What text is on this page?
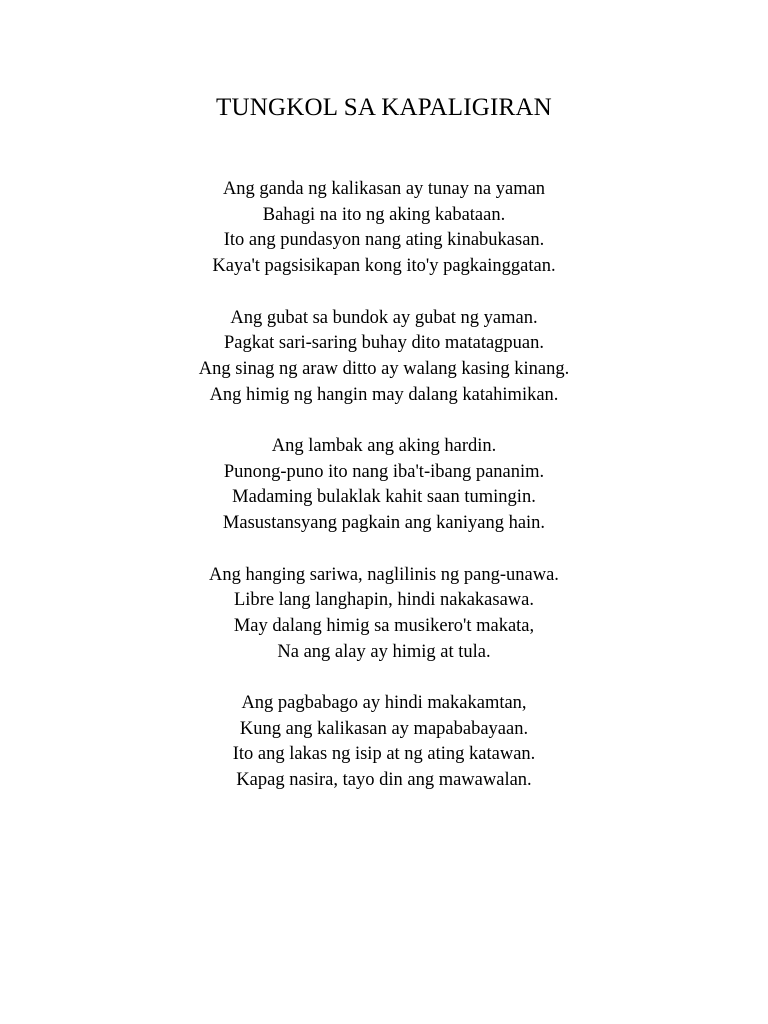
TUNGKOL SA KAPALIGIRAN
Ang ganda ng kalikasan ay tunay na yaman
Bahagi na ito ng aking kabataan.
Ito ang pundasyon nang ating kinabukasan.
Kaya't pagsisikapan kong ito'y pagkainggatan.
Ang gubat sa bundok ay gubat ng yaman.
Pagkat sari-saring buhay dito matatagpuan.
Ang sinag ng araw ditto ay walang kasing kinang.
Ang himig ng hangin may dalang katahimikan.
Ang lambak ang aking hardin.
Punong-puno ito nang iba't-ibang pananim.
Madaming bulaklak kahit saan tumingin.
Masustansyang pagkain ang kaniyang hain.
Ang hanging sariwa, naglilinis ng pang-unawa.
Libre lang langhapin, hindi nakakasawa.
May dalang himig sa musikero't makata,
Na ang alay ay himig at tula.
Ang pagbabago ay hindi makakamtan,
Kung ang kalikasan ay mapababayaan.
Ito ang lakas ng isip at ng ating katawan.
Kapag nasira, tayo din ang mawawalan.
